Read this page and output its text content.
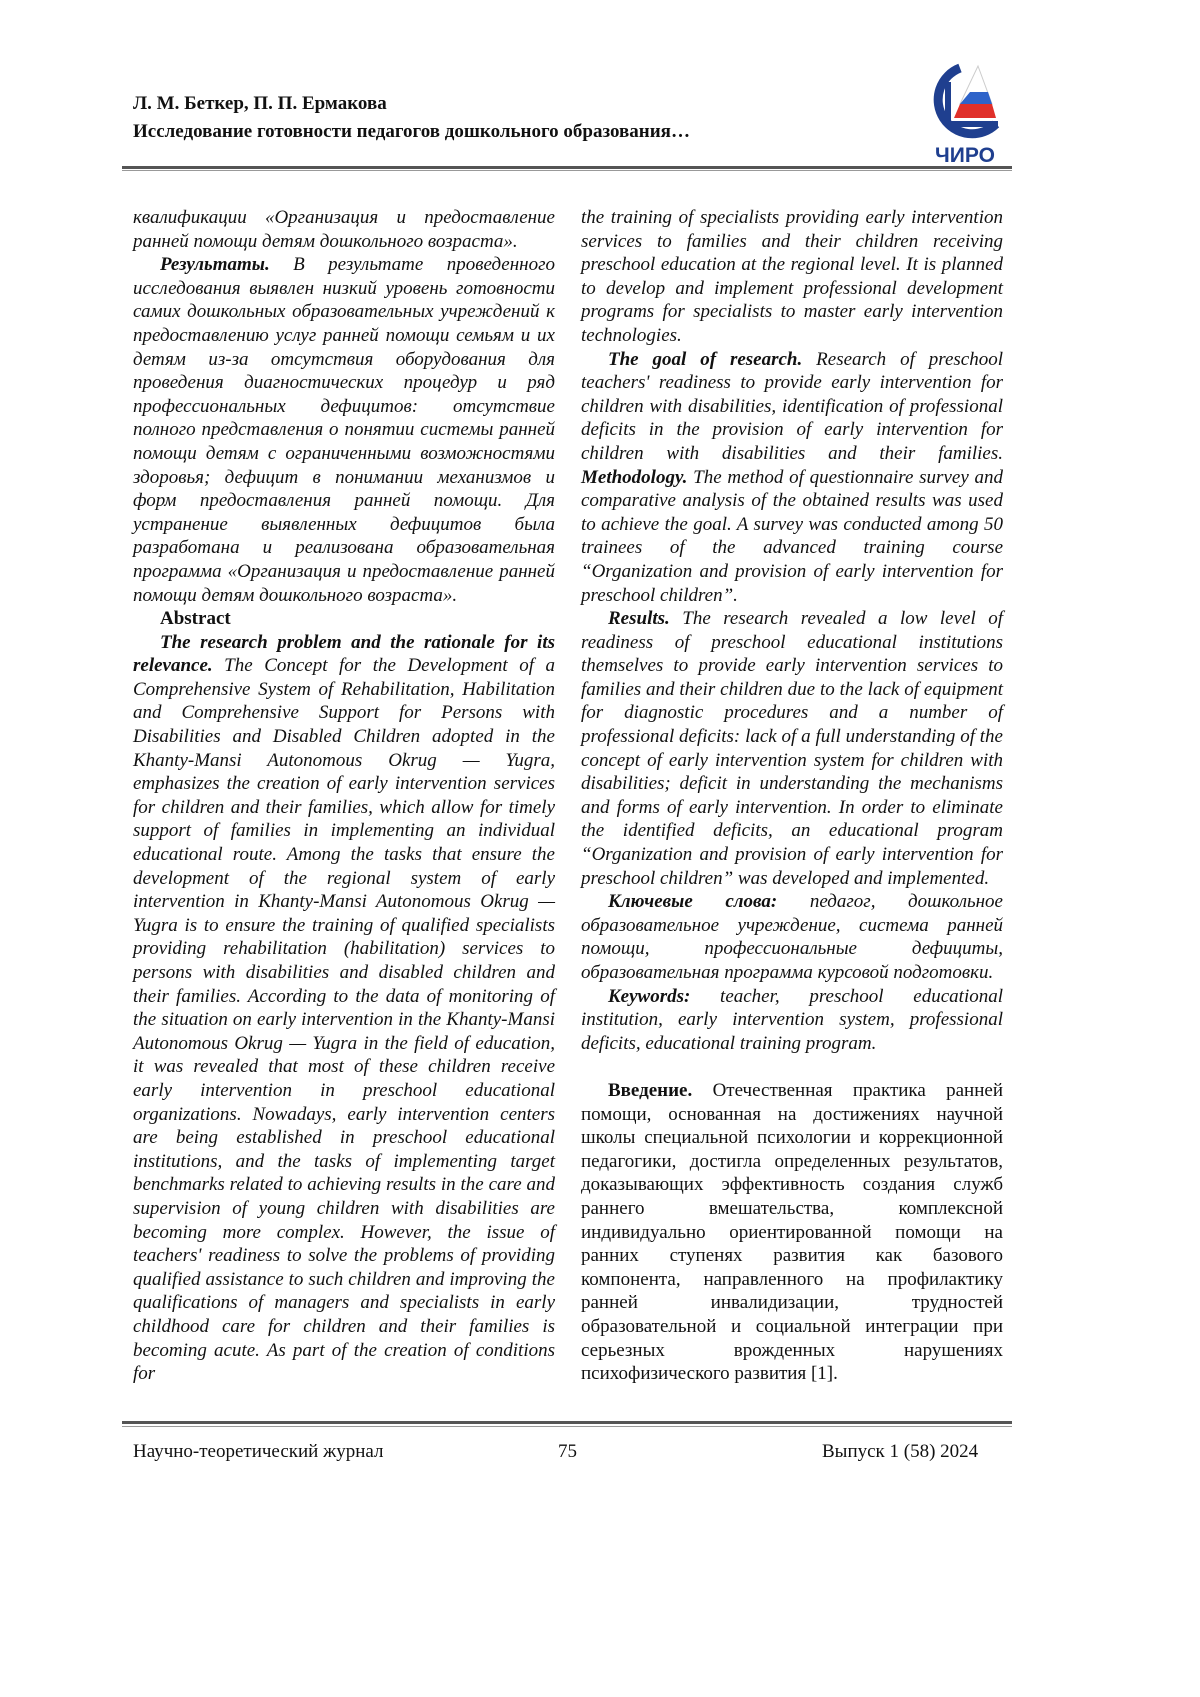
Л. М. Беткер, П. П. Ермакова
Исследование готовности педагогов дошкольного образования…
ЧИРО

квалификации «Организация и предоставление ранней помощи детям дошкольного возраста».

Результаты. В результате проведенного исследования выявлен низкий уровень готовности самих дошкольных образовательных учреждений к предоставлению услуг ранней помощи семьям и их детям из-за отсутствия оборудования для проведения диагностических процедур и ряд профессиональных дефицитов: отсутствие полного представления о понятии системы ранней помощи детям с ограниченными возможностями здоровья; дефицит в понимании механизмов и форм предоставления ранней помощи. Для устранение выявленных дефицитов была разработана и реализована образовательная программа «Организация и предоставление ранней помощи детям дошкольного возраста».

Abstract

The research problem and the rationale for its relevance. The Concept for the Development of a Comprehensive System of Rehabilitation, Habilitation and Comprehensive Support for Persons with Disabilities and Disabled Children adopted in the Khanty-Mansi Autonomous Okrug — Yugra, emphasizes the creation of early intervention services for children and their families, which allow for timely support of families in implementing an individual educational route. Among the tasks that ensure the development of the regional system of early intervention in Khanty-Mansi Autonomous Okrug — Yugra is to ensure the training of qualified specialists providing rehabilitation (habilitation) services to persons with disabilities and disabled children and their families. According to the data of monitoring of the situation on early intervention in the Khanty-Mansi Autonomous Okrug — Yugra in the field of education, it was revealed that most of these children receive early intervention in preschool educational organizations. Nowadays, early intervention centers are being established in preschool educational institutions, and the tasks of implementing target benchmarks related to achieving results in the care and supervision of young children with disabilities are becoming more complex. However, the issue of teachers' readiness to solve the problems of providing qualified assistance to such children and improving the qualifications of managers and specialists in early childhood care for children and their families is becoming acute. As part of the creation of conditions for

the training of specialists providing early intervention services to families and their children receiving preschool education at the regional level. It is planned to develop and implement professional development programs for specialists to master early intervention technologies.

The goal of research. Research of preschool teachers' readiness to provide early intervention for children with disabilities, identification of professional deficits in the provision of early intervention for children with disabilities and their families. Methodology. The method of questionnaire survey and comparative analysis of the obtained results was used to achieve the goal. A survey was conducted among 50 trainees of the advanced training course “Organization and provision of early intervention for preschool children”.

Results. The research revealed a low level of readiness of preschool educational institutions themselves to provide early intervention services to families and their children due to the lack of equipment for diagnostic procedures and a number of professional deficits: lack of a full understanding of the concept of early intervention system for children with disabilities; deficit in understanding the mechanisms and forms of early intervention. In order to eliminate the identified deficits, an educational program “Organization and provision of early intervention for preschool children” was developed and implemented.

Ключевые слова: педагог, дошкольное образовательное учреждение, система ранней помощи, профессиональные дефициты, образовательная программа курсовой подготовки.

Keywords: teacher, preschool educational institution, early intervention system, professional deficits, educational training program.

Введение. Отечественная практика ранней помощи, основанная на достижениях научной школы специальной психологии и коррекционной педагогики, достигла определенных результатов, доказывающих эффективность создания служб раннего вмешательства, комплексной индивидуально ориентированной помощи на ранних ступенях развития как базового компонента, направленного на профилактику ранней инвалидизации, трудностей образовательной и социальной интеграции при серьезных врожденных нарушениях психофизического развития [1].

Научно-теоретический журнал	75	Выпуск 1 (58) 2024
